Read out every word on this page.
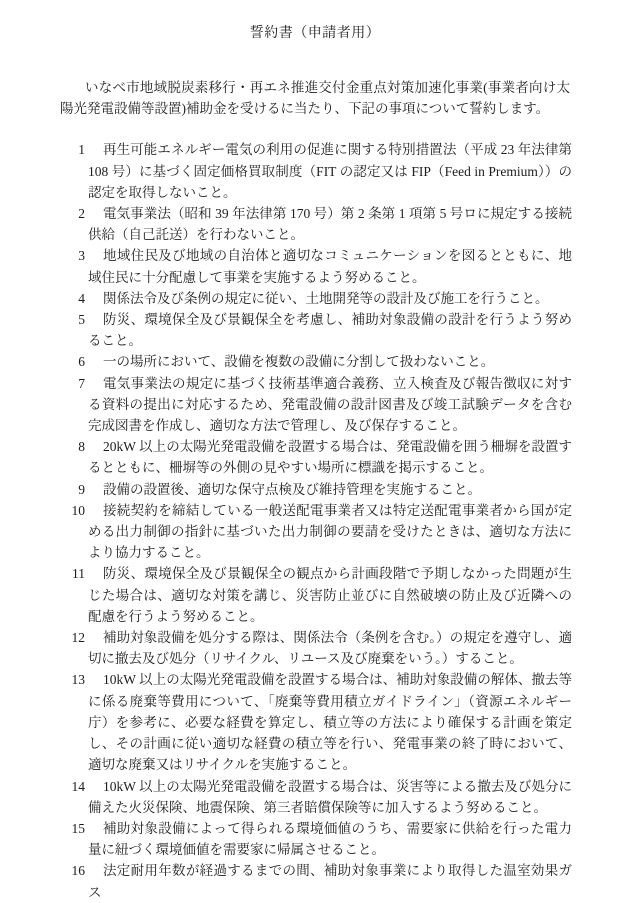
誓約書（申請者用）

いなべ市地域脱炭素移行・再エネ推進交付金重点対策加速化事業(事業者向け太陽光発電設備等設置)補助金を受けるに当たり、下記の事項について誓約します。

1 再生可能エネルギー電気の利用の促進に関する特別措置法（平成 23 年法律第 108 号）に基づく固定価格買取制度（FIT の認定又は FIP（Feed in Premium））の認定を取得しないこと。
2 電気事業法（昭和 39 年法律第 170 号）第 2 条第 1 項第 5 号ロに規定する接続供給（自己託送）を行わないこと。
3 地域住民及び地域の自治体と適切なコミュニケーションを図るとともに、地域住民に十分配慮して事業を実施するよう努めること。
4 関係法令及び条例の規定に従い、土地開発等の設計及び施工を行うこと。
5 防災、環境保全及び景観保全を考慮し、補助対象設備の設計を行うよう努めること。
6 一の場所において、設備を複数の設備に分割して扱わないこと。
7 電気事業法の規定に基づく技術基準適合義務、立入検査及び報告徴収に対する資料の提出に対応するため、発電設備の設計図書及び竣工試験データを含む完成図書を作成し、適切な方法で管理し、及び保存すること。
8 20kW 以上の太陽光発電設備を設置する場合は、発電設備を囲う柵塀を設置するとともに、柵塀等の外側の見やすい場所に標識を掲示すること。
9 設備の設置後、適切な保守点検及び維持管理を実施すること。
10 接続契約を締結している一般送配電事業者又は特定送配電事業者から国が定める出力制御の指針に基づいた出力制御の要請を受けたときは、適切な方法により協力すること。
11 防災、環境保全及び景観保全の観点から計画段階で予期しなかった問題が生じた場合は、適切な対策を講じ、災害防止並びに自然破壊の防止及び近隣への配慮を行うよう努めること。
12 補助対象設備を処分する際は、関係法令（条例を含む。）の規定を遵守し、適切に撤去及び処分（リサイクル、リユース及び廃棄をいう。）すること。
13 10kW 以上の太陽光発電設備を設置する場合は、補助対象設備の解体、撤去等に係る廃棄等費用について、「廃棄等費用積立ガイドライン」（資源エネルギー庁）を参考に、必要な経費を算定し、積立等の方法により確保する計画を策定し、その計画に従い適切な経費の積立等を行い、発電事業の終了時において、適切な廃棄又はリサイクルを実施すること。
14 10kW 以上の太陽光発電設備を設置する場合は、災害等による撤去及び処分に備えた火災保険、地震保険、第三者賠償保険等に加入するよう努めること。
15 補助対象設備によって得られる環境価値のうち、需要家に供給を行った電力量に紐づく環境価値を需要家に帰属させること。
16 法定耐用年数が経過するまでの間、補助対象事業により取得した温室効果ガス
